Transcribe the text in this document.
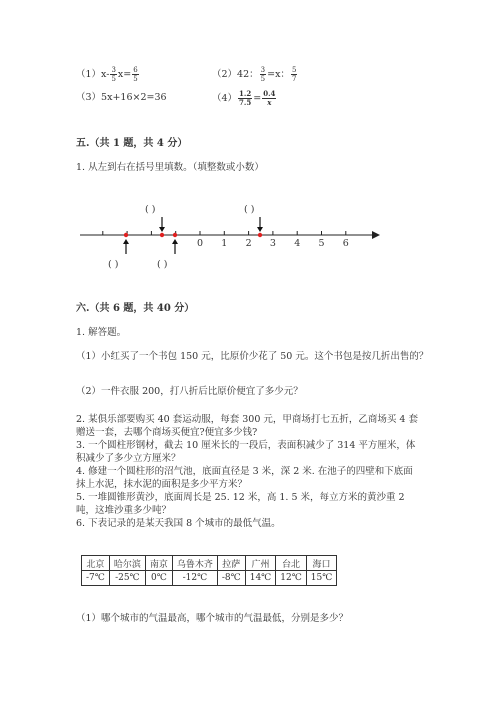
$(1)x- \frac{3}{5} x= \frac{6}{5}$	（2）42： $\frac{3}{5} =x$： $\frac{5}{7}$
（3）5x+16×2=36	$(4) \frac{1.2}{7.5} = \frac{0.4}{x}$
五.（共 1 题，共 4 分）
1. 从左到右在括号里填数。（填整数或小数）
( )	( )
0 1 2 3 4 5 6
( )	( )
六.（共 6 题，共 40 分）
1. 解答题。
（1）小红买了一个书包 150 元，比原价少花了 50 元。这个书包是按几折出售的？
（2）一件衣服 200，打八折后比原价便宜了多少元？
2. 某俱乐部要购买 40 套运动服，每套 300 元，甲商场打七五折，乙商场买 4 套
赠送一套，去哪个商场买便宜?便宜多少钱?
3. 一个圆柱形钢材，截去 10 厘米长的一段后，表面积减少了 314 平方厘米，体
积减少了多少立方厘米？
4. 修建一个圆柱形的沼气池，底面直径是 3 米，深 2 米. 在池子的四壁和下底面
抹上水泥，抹水泥的面积是多少平方米？
5. 一堆圆锥形黄沙，底面周长是 25. 12 米，高 1. 5 米，每立方米的黄沙重 2
吨，这堆沙重多少吨？
6. 下表记录的是某天我国 8 个城市的最低气温。
北京	哈尔滨	南京	乌鲁木齐	拉萨	广州	台北	海口
-7℃	-25℃	0℃	-12℃	-8℃	14℃	12℃	15℃
（1）哪个城市的气温最高，哪个城市的气温最低，分别是多少？
